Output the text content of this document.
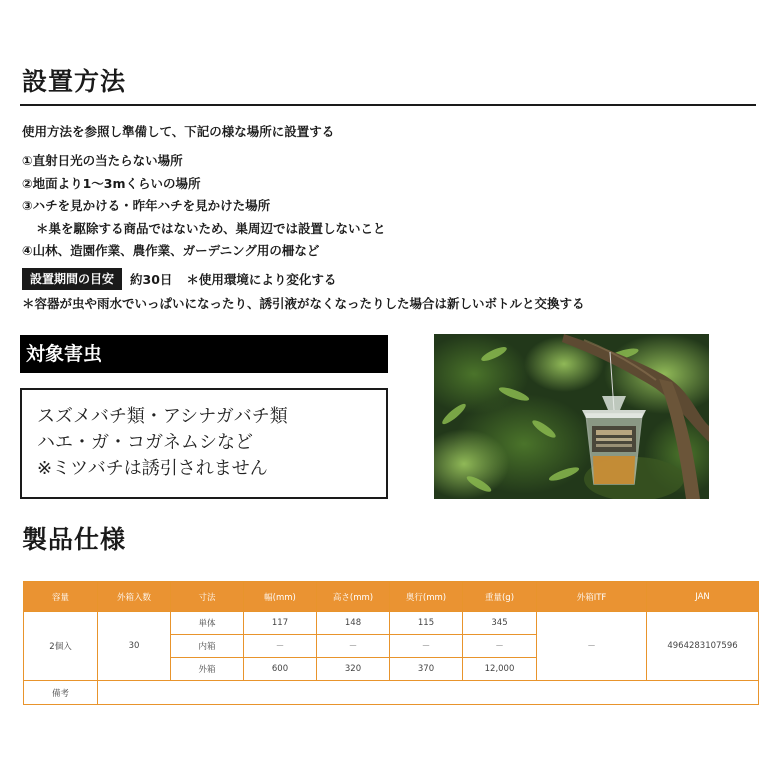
設置方法
使用方法を参照し準備して、下記の様な場所に設置する
①直射日光の当たらない場所
②地面より1～3mくらいの場所
③ハチを見かける・昨年ハチを見かけた場所
＊巣を駆除する商品ではないため、巣周辺では設置しないこと
④山林、造園作業、農作業、ガーデニング用の柵など
設置期間の目安	約30日 ＊使用環境により変化する
＊容器が虫や雨水でいっぱいになったり、誘引液がなくなったりした場合は新しいボトルと交換する
対象害虫
スズメバチ類・アシナガバチ類
ハエ・ガ・コガネムシなど
※ミツバチは誘引されません
製品仕様
容量	外箱入数	寸法	幅(mm)	高さ(mm)	奥行(mm)	重量(g)	外箱ITF	JAN
2個入	30	単体	117	148	115	345	－	4964283107596
		内箱	－	－	－	－		
		外箱	600	320	370	12,000		
備考								
